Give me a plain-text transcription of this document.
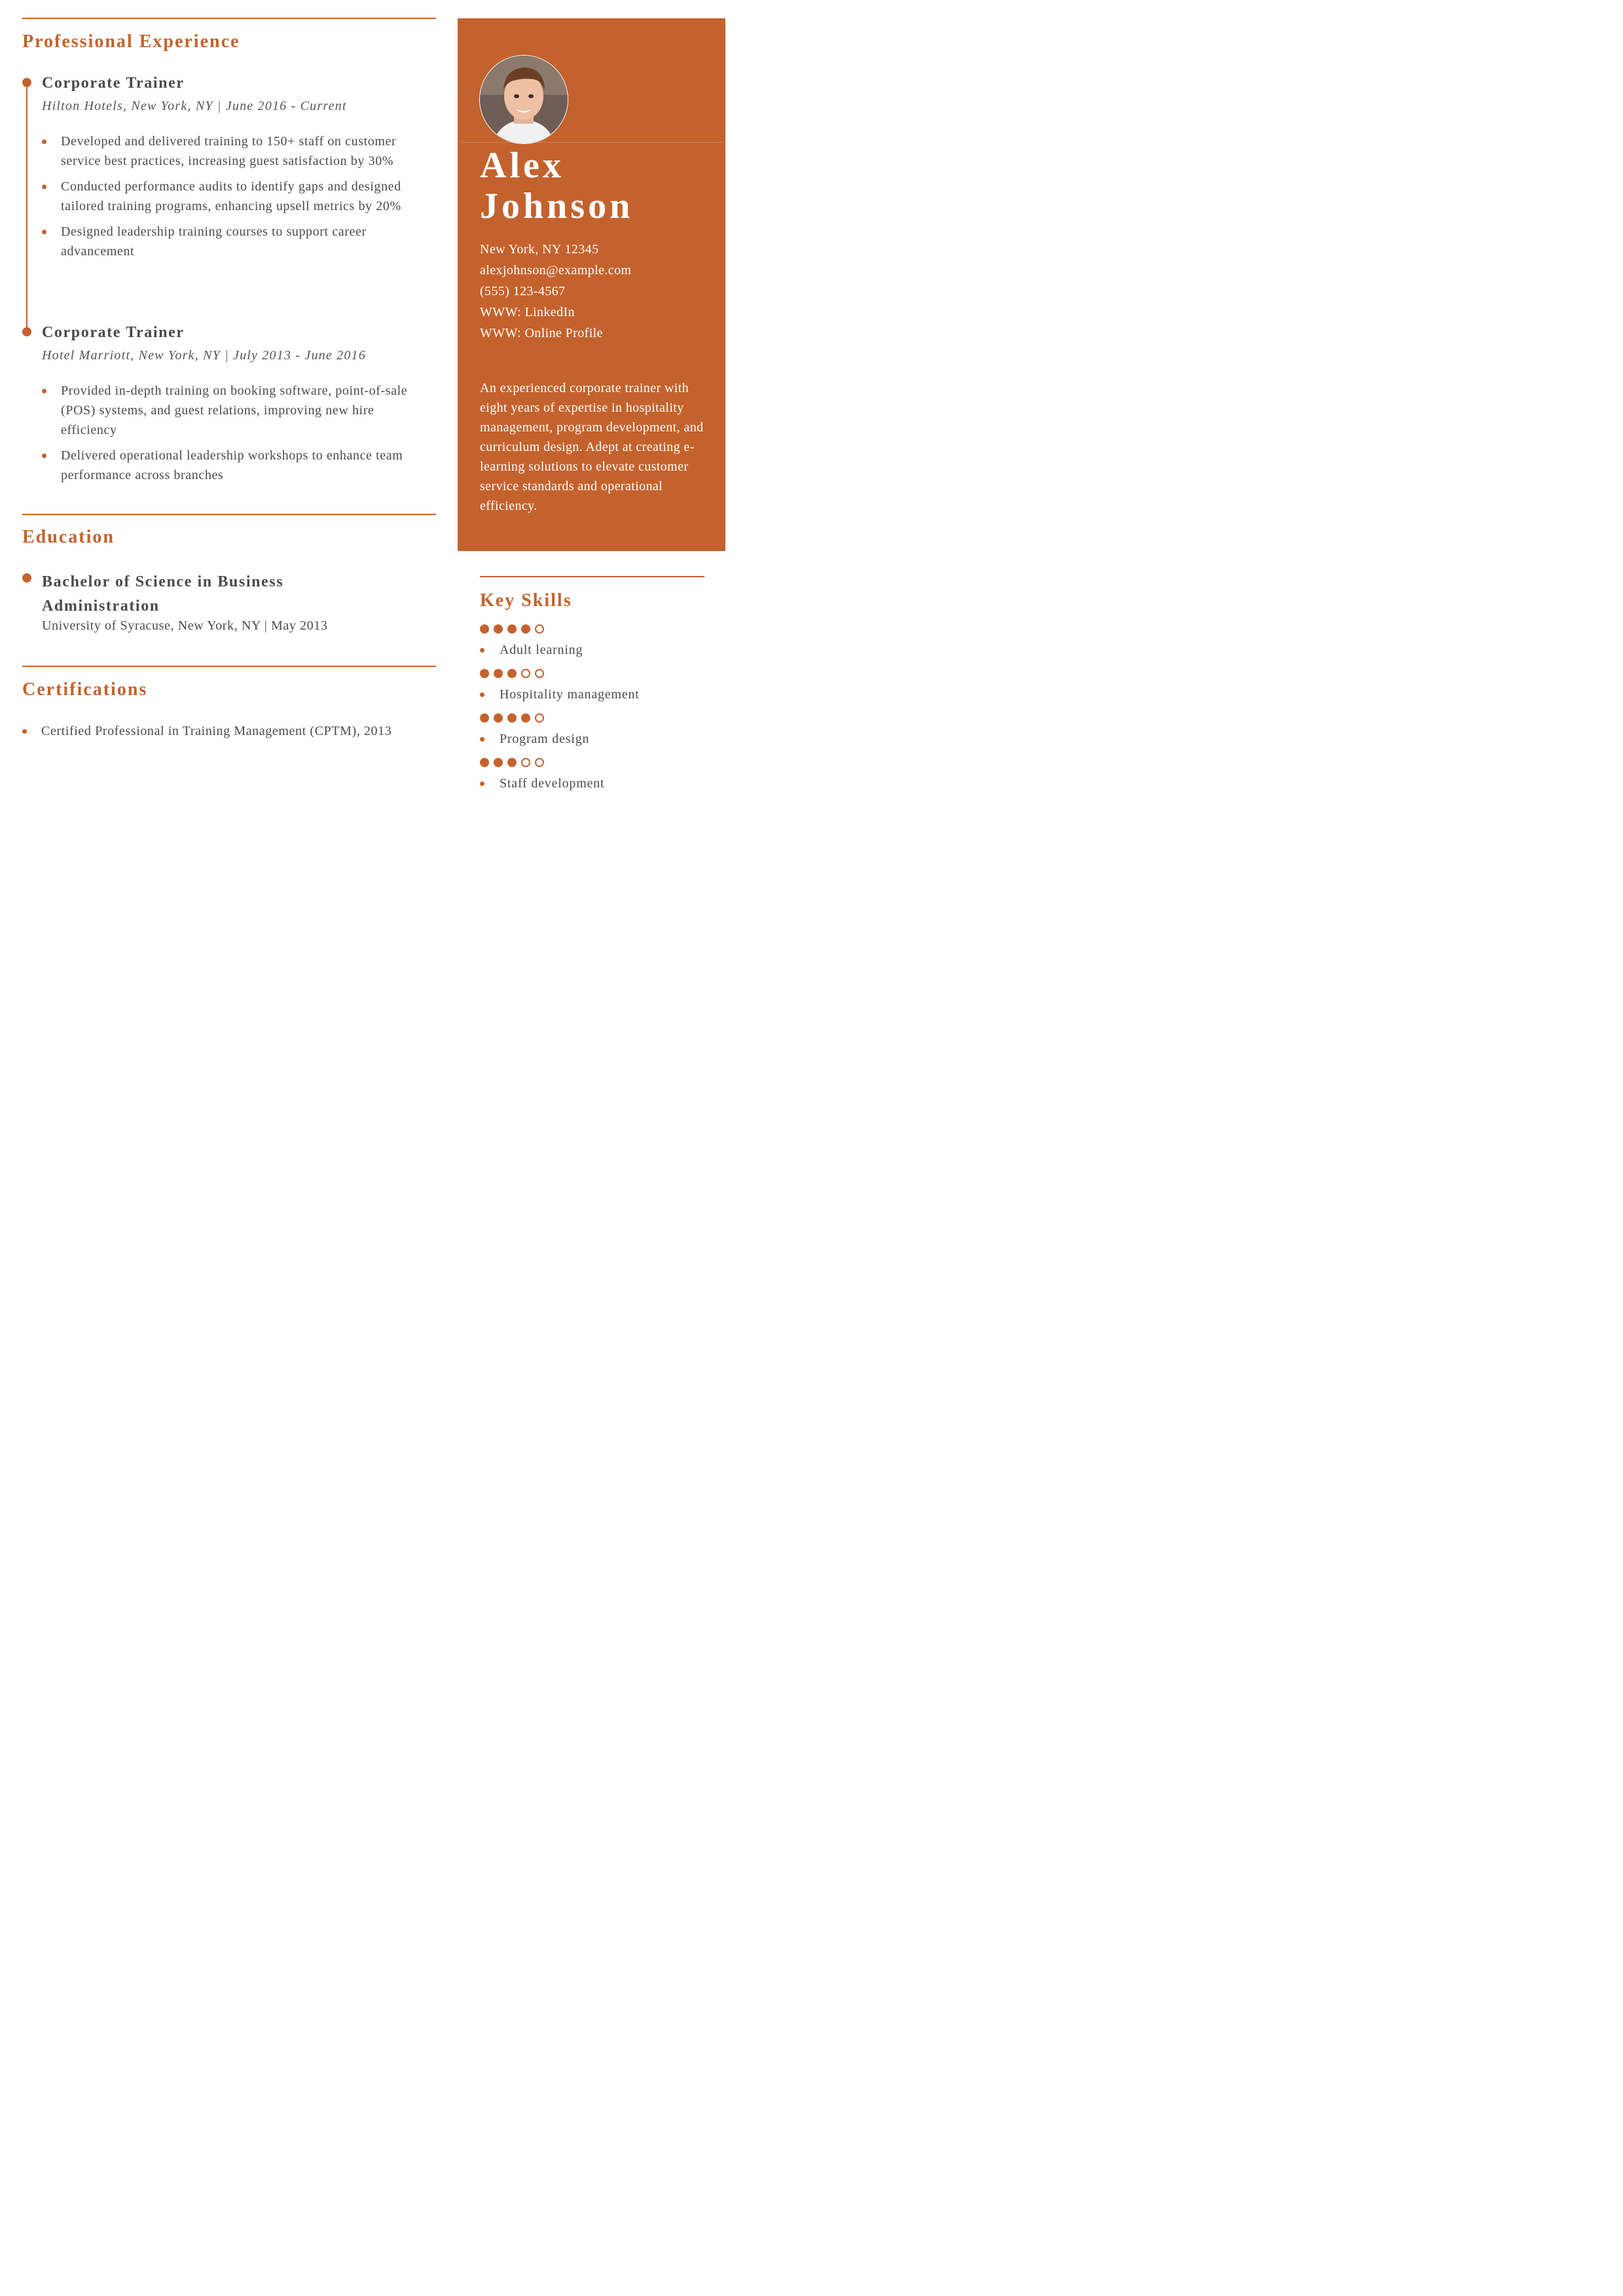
Professional Experience
Corporate Trainer
Hilton Hotels, New York, NY | June 2016 - Current
Developed and delivered training to 150+ staff on customer service best practices, increasing guest satisfaction by 30%
Conducted performance audits to identify gaps and designed tailored training programs, enhancing upsell metrics by 20%
Designed leadership training courses to support career advancement
Corporate Trainer
Hotel Marriott, New York, NY | July 2013 - June 2016
Provided in-depth training on booking software, point-of-sale (POS) systems, and guest relations, improving new hire efficiency
Delivered operational leadership workshops to enhance team performance across branches
Education
Bachelor of Science in Business Administration
University of Syracuse, New York, NY | May 2013
Certifications
Certified Professional in Training Management (CPTM), 2013
Alex
Johnson
New York, NY 12345
alexjohnson@example.com
(555) 123-4567
WWW: LinkedIn
WWW: Online Profile
An experienced corporate trainer with eight years of expertise in hospitality management, program development, and curriculum design. Adept at creating e-learning solutions to elevate customer service standards and operational efficiency.
Key Skills
Adult learning
Hospitality management
Program design
Staff development
